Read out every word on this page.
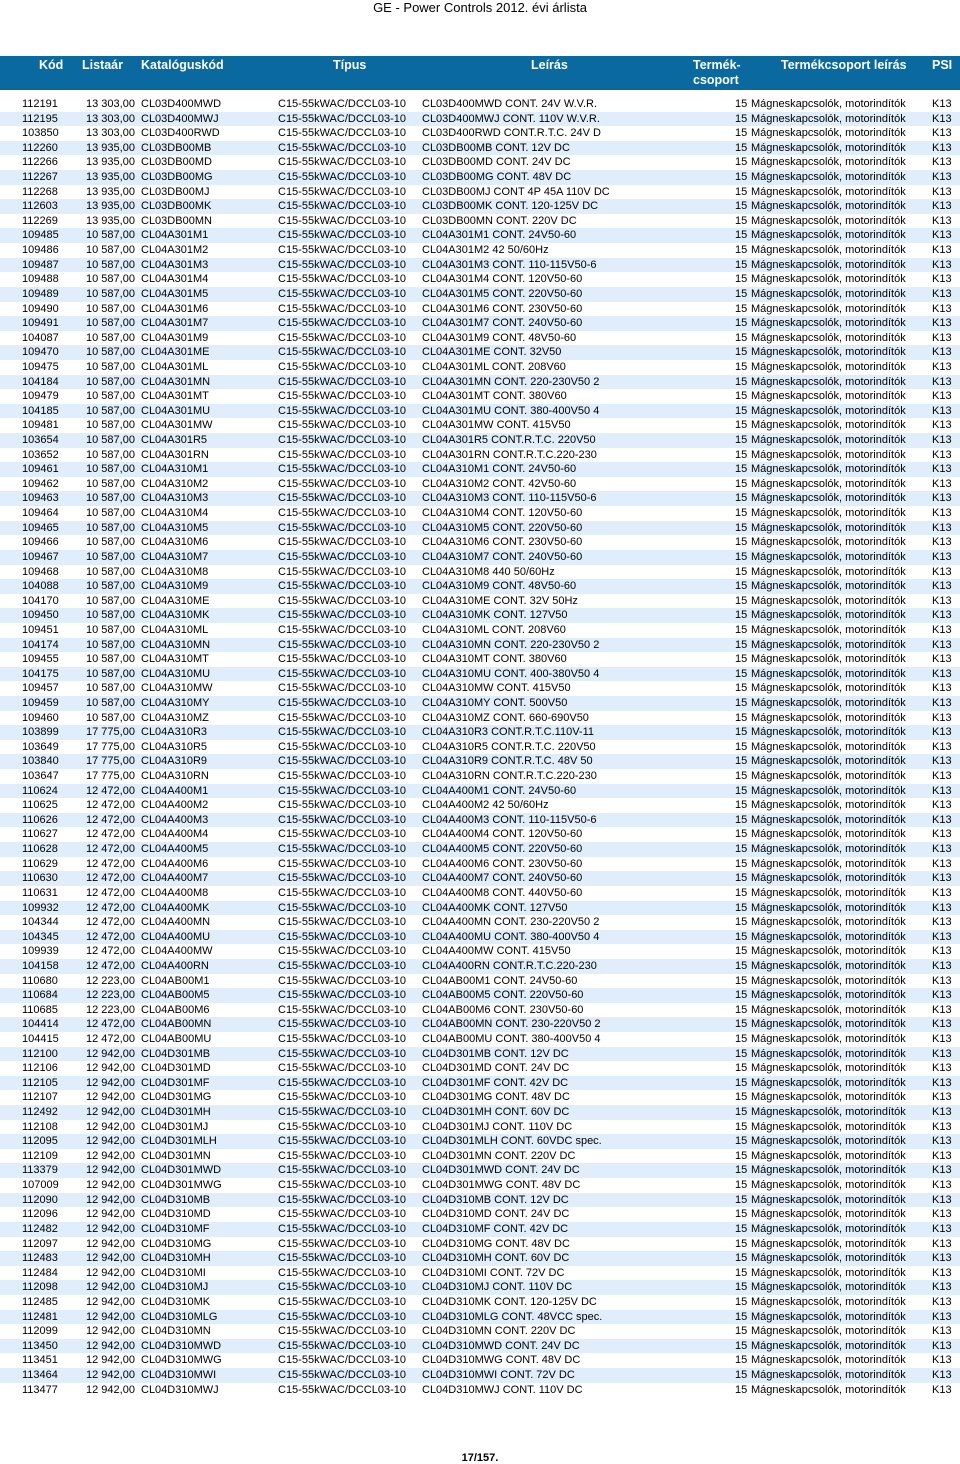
GE - Power Controls 2012. évi árlista
Kód Listaár Katalóguskód	Típus	Leírás	Termék-
csoport
Termékcsoport leírás PSI
112191	13 303,00 CL03D400MWD	C15-55kWAC/DCCL03-10 CL03D400MWD CONT. 24V W.V.R.	15 Mágneskapcsolók, motorindítók K13
112195	13 303,00 CL03D400MWJ	C15-55kWAC/DCCL03-10 CL03D400MWJ CONT. 110V W.V.R.	15 Mágneskapcsolók, motorindítók K13
103850 13 303,00 CL03D400RWD	C15-55kWAC/DCCL03-10 CL03D400RWD CONT.R.T.C. 24V D	15 Mágneskapcsolók, motorindítók K13
112260	13 935,00 CL03DB00MB	C15-55kWAC/DCCL03-10 CL03DB00MB CONT. 12V DC	15 Mágneskapcsolók, motorindítók K13
112266	13 935,00 CL03DB00MD	C15-55kWAC/DCCL03-10 CL03DB00MD CONT. 24V DC	15 Mágneskapcsolók, motorindítók K13
112267	13 935,00 CL03DB00MG	C15-55kWAC/DCCL03-10 CL03DB00MG CONT. 48V DC	15 Mágneskapcsolók, motorindítók K13
112268	13 935,00 CL03DB00MJ	C15-55kWAC/DCCL03-10 CL03DB00MJ CONT 4P 45A 110V DC	15 Mágneskapcsolók, motorindítók K13
112603	13 935,00 CL03DB00MK	C15-55kWAC/DCCL03-10 CL03DB00MK CONT. 120-125V DC	15 Mágneskapcsolók, motorindítók K13
112269	13 935,00 CL03DB00MN	C15-55kWAC/DCCL03-10 CL03DB00MN CONT. 220V DC	15 Mágneskapcsolók, motorindítók K13
109485 10 587,00 CL04A301M1	C15-55kWAC/DCCL03-10 CL04A301M1 CONT. 24V50-60	15 Mágneskapcsolók, motorindítók K13
109486 10 587,00 CL04A301M2	C15-55kWAC/DCCL03-10 CL04A301M2 42 50/60Hz	15 Mágneskapcsolók, motorindítók K13
109487 10 587,00 CL04A301M3	C15-55kWAC/DCCL03-10 CL04A301M3 CONT. 110-115V50-6	15 Mágneskapcsolók, motorindítók K13
109488 10 587,00 CL04A301M4	C15-55kWAC/DCCL03-10 CL04A301M4 CONT. 120V50-60	15 Mágneskapcsolók, motorindítók K13
109489 10 587,00 CL04A301M5	C15-55kWAC/DCCL03-10 CL04A301M5 CONT. 220V50-60	15 Mágneskapcsolók, motorindítók K13
109490 10 587,00 CL04A301M6	C15-55kWAC/DCCL03-10 CL04A301M6 CONT. 230V50-60	15 Mágneskapcsolók, motorindítók K13
109491 10 587,00 CL04A301M7	C15-55kWAC/DCCL03-10 CL04A301M7 CONT. 240V50-60	15 Mágneskapcsolók, motorindítók K13
104087 10 587,00 CL04A301M9	C15-55kWAC/DCCL03-10 CL04A301M9 CONT. 48V50-60	15 Mágneskapcsolók, motorindítók K13
109470 10 587,00 CL04A301ME	C15-55kWAC/DCCL03-10 CL04A301ME CONT. 32V50	15 Mágneskapcsolók, motorindítók K13
109475 10 587,00 CL04A301ML	C15-55kWAC/DCCL03-10 CL04A301ML CONT. 208V60	15 Mágneskapcsolók, motorindítók K13
104184 10 587,00 CL04A301MN	C15-55kWAC/DCCL03-10 CL04A301MN CONT. 220-230V50 2	15 Mágneskapcsolók, motorindítók K13
109479 10 587,00 CL04A301MT	C15-55kWAC/DCCL03-10 CL04A301MT CONT. 380V60	15 Mágneskapcsolók, motorindítók K13
104185 10 587,00 CL04A301MU	C15-55kWAC/DCCL03-10 CL04A301MU CONT. 380-400V50 4	15 Mágneskapcsolók, motorindítók K13
109481 10 587,00 CL04A301MW	C15-55kWAC/DCCL03-10 CL04A301MW CONT. 415V50	15 Mágneskapcsolók, motorindítók K13
103654 10 587,00 CL04A301R5	C15-55kWAC/DCCL03-10 CL04A301R5 CONT.R.T.C. 220V50	15 Mágneskapcsolók, motorindítók K13
103652 10 587,00 CL04A301RN	C15-55kWAC/DCCL03-10 CL04A301RN CONT.R.T.C.220-230	15 Mágneskapcsolók, motorindítók K13
109461 10 587,00 CL04A310M1	C15-55kWAC/DCCL03-10 CL04A310M1 CONT. 24V50-60	15 Mágneskapcsolók, motorindítók K13
109462 10 587,00 CL04A310M2	C15-55kWAC/DCCL03-10 CL04A310M2 CONT. 42V50-60	15 Mágneskapcsolók, motorindítók K13
109463 10 587,00 CL04A310M3	C15-55kWAC/DCCL03-10 CL04A310M3 CONT. 110-115V50-6	15 Mágneskapcsolók, motorindítók K13
109464 10 587,00 CL04A310M4	C15-55kWAC/DCCL03-10 CL04A310M4 CONT. 120V50-60	15 Mágneskapcsolók, motorindítók K13
109465 10 587,00 CL04A310M5	C15-55kWAC/DCCL03-10 CL04A310M5 CONT. 220V50-60	15 Mágneskapcsolók, motorindítók K13
109466 10 587,00 CL04A310M6	C15-55kWAC/DCCL03-10 CL04A310M6 CONT. 230V50-60	15 Mágneskapcsolók, motorindítók K13
109467 10 587,00 CL04A310M7	C15-55kWAC/DCCL03-10 CL04A310M7 CONT. 240V50-60	15 Mágneskapcsolók, motorindítók K13
109468 10 587,00 CL04A310M8	C15-55kWAC/DCCL03-10 CL04A310M8 440 50/60Hz	15 Mágneskapcsolók, motorindítók K13
104088 10 587,00 CL04A310M9	C15-55kWAC/DCCL03-10 CL04A310M9 CONT. 48V50-60	15 Mágneskapcsolók, motorindítók K13
104170 10 587,00 CL04A310ME	C15-55kWAC/DCCL03-10 CL04A310ME CONT. 32V 50Hz	15 Mágneskapcsolók, motorindítók K13
109450 10 587,00 CL04A310MK	C15-55kWAC/DCCL03-10 CL04A310MK CONT. 127V50	15 Mágneskapcsolók, motorindítók K13
109451 10 587,00 CL04A310ML	C15-55kWAC/DCCL03-10 CL04A310ML CONT. 208V60	15 Mágneskapcsolók, motorindítók K13
104174 10 587,00 CL04A310MN	C15-55kWAC/DCCL03-10 CL04A310MN CONT. 220-230V50 2	15 Mágneskapcsolók, motorindítók K13
109455 10 587,00 CL04A310MT	C15-55kWAC/DCCL03-10 CL04A310MT CONT. 380V60	15 Mágneskapcsolók, motorindítók K13
104175 10 587,00 CL04A310MU	C15-55kWAC/DCCL03-10 CL04A310MU CONT. 400-380V50 4	15 Mágneskapcsolók, motorindítók K13
109457 10 587,00 CL04A310MW	C15-55kWAC/DCCL03-10 CL04A310MW CONT. 415V50	15 Mágneskapcsolók, motorindítók K13
109459 10 587,00 CL04A310MY	C15-55kWAC/DCCL03-10 CL04A310MY CONT. 500V50	15 Mágneskapcsolók, motorindítók K13
109460 10 587,00 CL04A310MZ	C15-55kWAC/DCCL03-10 CL04A310MZ CONT. 660-690V50	15 Mágneskapcsolók, motorindítók K13
103899 17 775,00 CL04A310R3	C15-55kWAC/DCCL03-10 CL04A310R3 CONT.R.T.C.110V-11	15 Mágneskapcsolók, motorindítók K13
103649 17 775,00 CL04A310R5	C15-55kWAC/DCCL03-10 CL04A310R5 CONT.R.T.C. 220V50	15 Mágneskapcsolók, motorindítók K13
103840 17 775,00 CL04A310R9	C15-55kWAC/DCCL03-10 CL04A310R9 CONT.R.T.C. 48V 50	15 Mágneskapcsolók, motorindítók K13
103647 17 775,00 CL04A310RN	C15-55kWAC/DCCL03-10 CL04A310RN CONT.R.T.C.220-230	15 Mágneskapcsolók, motorindítók K13
110624	12 472,00 CL04A400M1	C15-55kWAC/DCCL03-10 CL04A400M1 CONT. 24V50-60	15 Mágneskapcsolók, motorindítók K13
110625	12 472,00 CL04A400M2	C15-55kWAC/DCCL03-10 CL04A400M2 42 50/60Hz	15 Mágneskapcsolók, motorindítók K13
110626	12 472,00 CL04A400M3	C15-55kWAC/DCCL03-10 CL04A400M3 CONT. 110-115V50-6	15 Mágneskapcsolók, motorindítók K13
110627	12 472,00 CL04A400M4	C15-55kWAC/DCCL03-10 CL04A400M4 CONT. 120V50-60	15 Mágneskapcsolók, motorindítók K13
110628	12 472,00 CL04A400M5	C15-55kWAC/DCCL03-10 CL04A400M5 CONT. 220V50-60	15 Mágneskapcsolók, motorindítók K13
110629	12 472,00 CL04A400M6	C15-55kWAC/DCCL03-10 CL04A400M6 CONT. 230V50-60	15 Mágneskapcsolók, motorindítók K13
110630	12 472,00 CL04A400M7	C15-55kWAC/DCCL03-10 CL04A400M7 CONT. 240V50-60	15 Mágneskapcsolók, motorindítók K13
110631	12 472,00 CL04A400M8	C15-55kWAC/DCCL03-10 CL04A400M8 CONT. 440V50-60	15 Mágneskapcsolók, motorindítók K13
109932 12 472,00 CL04A400MK	C15-55kWAC/DCCL03-10 CL04A400MK CONT. 127V50	15 Mágneskapcsolók, motorindítók K13
104344 12 472,00 CL04A400MN	C15-55kWAC/DCCL03-10 CL04A400MN CONT. 230-220V50 2	15 Mágneskapcsolók, motorindítók K13
104345 12 472,00 CL04A400MU	C15-55kWAC/DCCL03-10 CL04A400MU CONT. 380-400V50 4	15 Mágneskapcsolók, motorindítók K13
109939 12 472,00 CL04A400MW	C15-55kWAC/DCCL03-10 CL04A400MW CONT. 415V50	15 Mágneskapcsolók, motorindítók K13
104158 12 472,00 CL04A400RN	C15-55kWAC/DCCL03-10 CL04A400RN CONT.R.T.C.220-230	15 Mágneskapcsolók, motorindítók K13
110680	12 223,00 CL04AB00M1	C15-55kWAC/DCCL03-10 CL04AB00M1 CONT. 24V50-60	15 Mágneskapcsolók, motorindítók K13
110684	12 223,00 CL04AB00M5	C15-55kWAC/DCCL03-10 CL04AB00M5 CONT. 220V50-60	15 Mágneskapcsolók, motorindítók K13
110685	12 223,00 CL04AB00M6	C15-55kWAC/DCCL03-10 CL04AB00M6 CONT. 230V50-60	15 Mágneskapcsolók, motorindítók K13
104414 12 472,00 CL04AB00MN	C15-55kWAC/DCCL03-10 CL04AB00MN CONT. 230-220V50 2	15 Mágneskapcsolók, motorindítók K13
104415 12 472,00 CL04AB00MU	C15-55kWAC/DCCL03-10 CL04AB00MU CONT. 380-400V50 4	15 Mágneskapcsolók, motorindítók K13
112100	12 942,00 CL04D301MB	C15-55kWAC/DCCL03-10 CL04D301MB CONT. 12V DC	15 Mágneskapcsolók, motorindítók K13
112106	12 942,00 CL04D301MD	C15-55kWAC/DCCL03-10 CL04D301MD CONT. 24V DC	15 Mágneskapcsolók, motorindítók K13
112105	12 942,00 CL04D301MF	C15-55kWAC/DCCL03-10 CL04D301MF CONT. 42V DC	15 Mágneskapcsolók, motorindítók K13
112107	12 942,00 CL04D301MG	C15-55kWAC/DCCL03-10 CL04D301MG CONT. 48V DC	15 Mágneskapcsolók, motorindítók K13
112492	12 942,00 CL04D301MH	C15-55kWAC/DCCL03-10 CL04D301MH CONT. 60V DC	15 Mágneskapcsolók, motorindítók K13
112108	12 942,00 CL04D301MJ	C15-55kWAC/DCCL03-10 CL04D301MJ CONT. 110V DC	15 Mágneskapcsolók, motorindítók K13
112095	12 942,00 CL04D301MLH	C15-55kWAC/DCCL03-10 CL04D301MLH CONT. 60VDC spec.	15 Mágneskapcsolók, motorindítók K13
112109	12 942,00 CL04D301MN	C15-55kWAC/DCCL03-10 CL04D301MN CONT. 220V DC	15 Mágneskapcsolók, motorindítók K13
113379	12 942,00 CL04D301MWD	C15-55kWAC/DCCL03-10 CL04D301MWD CONT. 24V DC	15 Mágneskapcsolók, motorindítók K13
107009 12 942,00 CL04D301MWG	C15-55kWAC/DCCL03-10 CL04D301MWG CONT. 48V DC	15 Mágneskapcsolók, motorindítók K13
112090	12 942,00 CL04D310MB	C15-55kWAC/DCCL03-10 CL04D310MB CONT. 12V DC	15 Mágneskapcsolók, motorindítók K13
112096	12 942,00 CL04D310MD	C15-55kWAC/DCCL03-10 CL04D310MD CONT. 24V DC	15 Mágneskapcsolók, motorindítók K13
112482	12 942,00 CL04D310MF	C15-55kWAC/DCCL03-10 CL04D310MF CONT. 42V DC	15 Mágneskapcsolók, motorindítók K13
112097	12 942,00 CL04D310MG	C15-55kWAC/DCCL03-10 CL04D310MG CONT. 48V DC	15 Mágneskapcsolók, motorindítók K13
112483	12 942,00 CL04D310MH	C15-55kWAC/DCCL03-10 CL04D310MH CONT. 60V DC	15 Mágneskapcsolók, motorindítók K13
112484	12 942,00 CL04D310MI	C15-55kWAC/DCCL03-10 CL04D310MI CONT. 72V DC	15 Mágneskapcsolók, motorindítók K13
112098	12 942,00 CL04D310MJ	C15-55kWAC/DCCL03-10 CL04D310MJ CONT. 110V DC	15 Mágneskapcsolók, motorindítók K13
112485	12 942,00 CL04D310MK	C15-55kWAC/DCCL03-10 CL04D310MK CONT. 120-125V DC	15 Mágneskapcsolók, motorindítók K13
112481	12 942,00 CL04D310MLG	C15-55kWAC/DCCL03-10 CL04D310MLG CONT. 48VCC spec.	15 Mágneskapcsolók, motorindítók K13
112099	12 942,00 CL04D310MN	C15-55kWAC/DCCL03-10 CL04D310MN CONT. 220V DC	15 Mágneskapcsolók, motorindítók K13
113450	12 942,00 CL04D310MWD	C15-55kWAC/DCCL03-10 CL04D310MWD CONT. 24V DC	15 Mágneskapcsolók, motorindítók K13
113451	12 942,00 CL04D310MWG	C15-55kWAC/DCCL03-10 CL04D310MWG CONT. 48V DC	15 Mágneskapcsolók, motorindítók K13
113464	12 942,00 CL04D310MWI	C15-55kWAC/DCCL03-10 CL04D310MWI CONT. 72V DC	15 Mágneskapcsolók, motorindítók K13
113477	12 942,00 CL04D310MWJ	C15-55kWAC/DCCL03-10 CL04D310MWJ CONT. 110V DC	15 Mágneskapcsolók, motorindítók K13
17/157.
